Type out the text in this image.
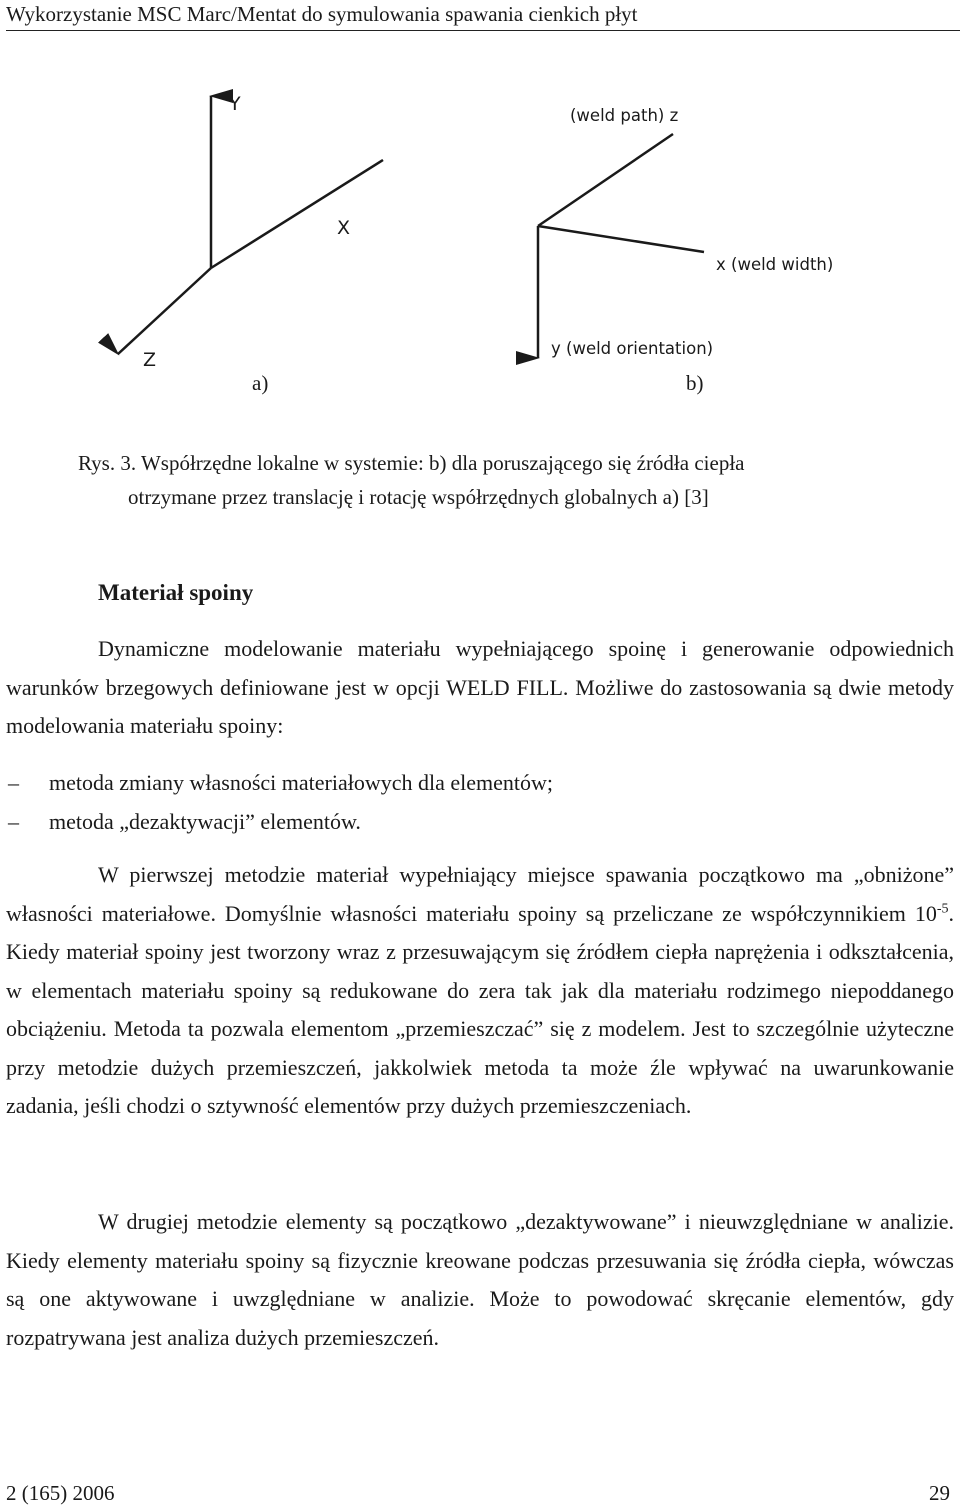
Wykorzystanie MSC Marc/Mentat do symulowania spawania cienkich płyt
Y
X
Z
(weld path) z
x (weld width)
y (weld orientation)
a)	b)
Rys. 3. Współrzędne lokalne w systemie: b) dla poruszającego się źródła ciepła
otrzymane przez translację i rotację współrzędnych globalnych a) [3]
Materiał spoiny

Dynamiczne modelowanie materiału wypełniającego spoinę i generowanie odpowiednich warunków brzegowych definiowane jest w opcji WELD FILL. Możliwe do zastosowania są dwie metody modelowania materiału spoiny:

– metoda zmiany własności materiałowych dla elementów;
– metoda „dezaktywacji” elementów.

W pierwszej metodzie materiał wypełniający miejsce spawania początkowo ma „obniżone” własności materiałowe. Domyślnie własności materiału spoiny są przeliczane ze współczynnikiem $10^{-5}$. Kiedy materiał spoiny jest tworzony wraz z przesuwającym się źródłem ciepła naprężenia i odkształcenia, w elementach materiału spoiny są redukowane do zera tak jak dla materiału rodzimego niepoddanego obciążeniu. Metoda ta pozwala elementom „przemieszczać” się z modelem. Jest to szczególnie użyteczne przy metodzie dużych przemieszczeń, jakkolwiek metoda ta może źle wpływać na uwarunkowanie zadania, jeśli chodzi o sztywność elementów przy dużych przemieszczeniach.

W drugiej metodzie elementy są początkowo „dezaktywowane” i nieuwzględniane w analizie. Kiedy elementy materiału spoiny są fizycznie kreowane podczas przesuwania się źródła ciepła, wówczas są one aktywowane i uwzględniane w analizie. Może to powodować skręcanie elementów, gdy rozpatrywana jest analiza dużych przemieszczeń.

2 (165) 2006	29
